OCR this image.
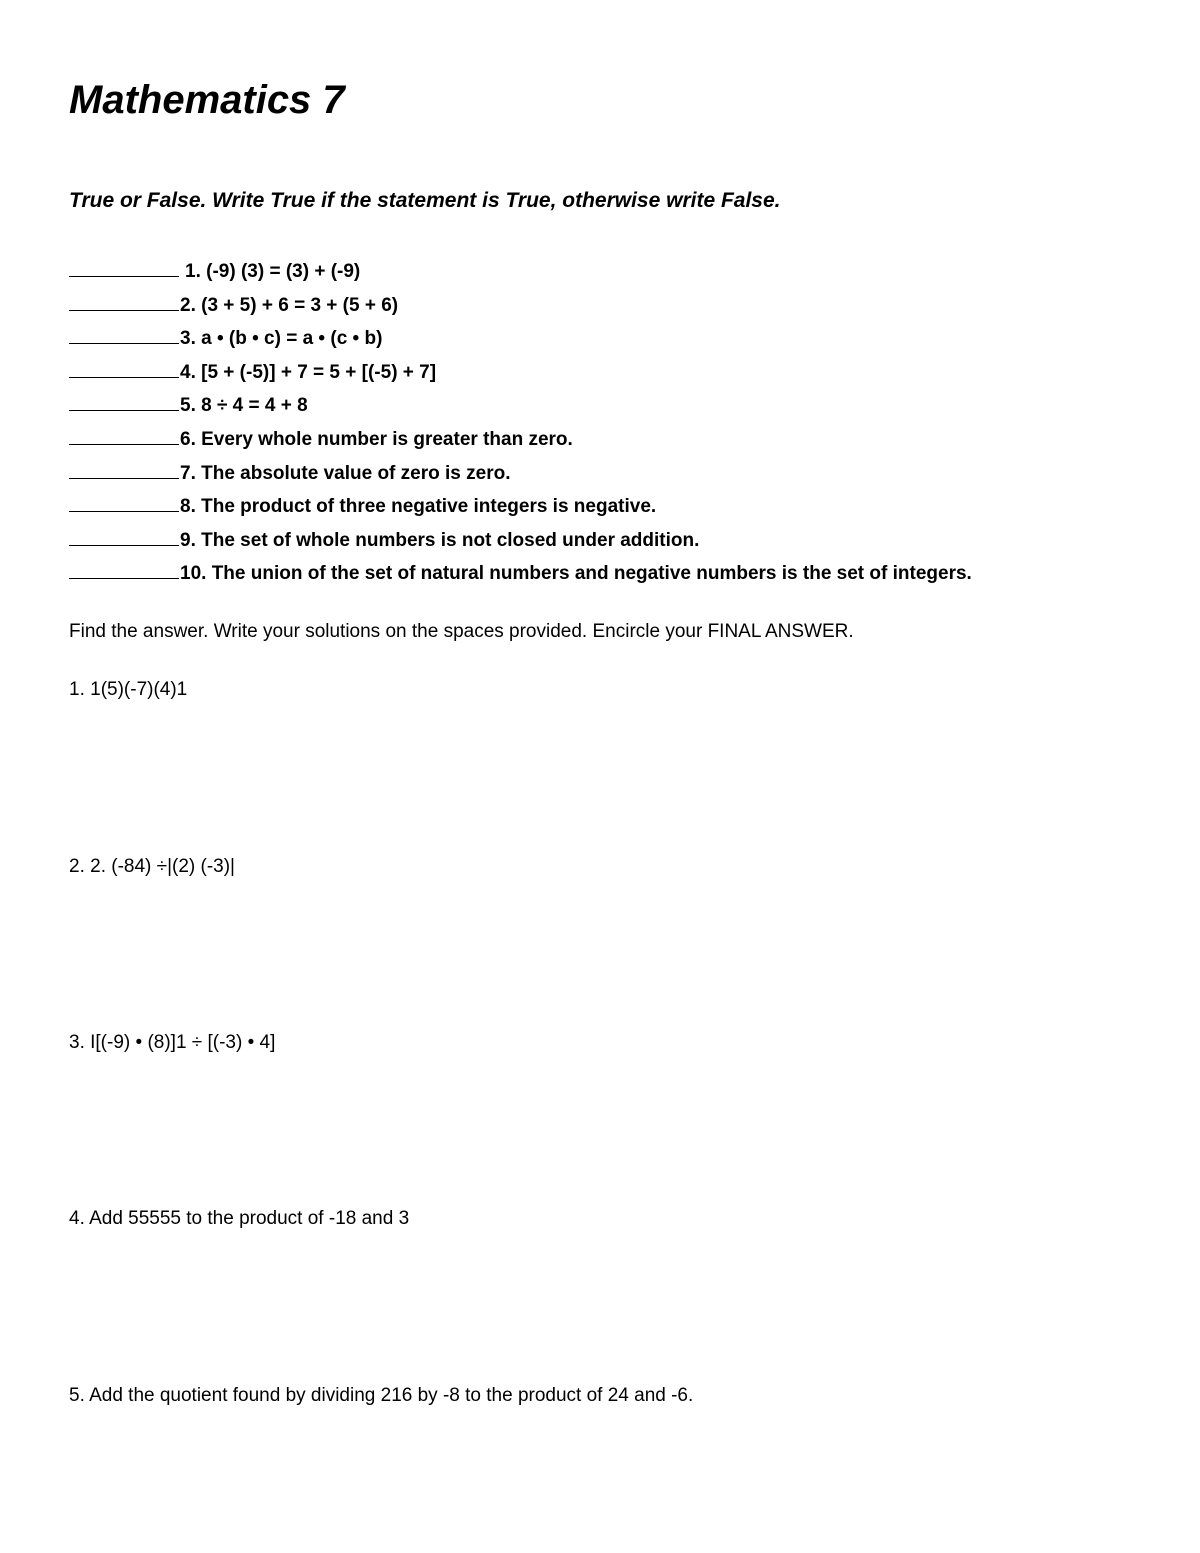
Mathematics 7

True or False. Write True if the statement is True, otherwise write False.

1. (-9) (3) = (3) + (-9)
2. (3 + 5) + 6 = 3 + (5 + 6)
3. a • (b • c) = a • (c • b)
4. [5 + (-5)] + 7 = 5 + [(-5) + 7]
5. 8 ÷ 4 = 4 + 8
6. Every whole number is greater than zero.
7. The absolute value of zero is zero.
8. The product of three negative integers is negative.
9. The set of whole numbers is not closed under addition.
10. The union of the set of natural numbers and negative numbers is the set of integers.

Find the answer. Write your solutions on the spaces provided. Encircle your FINAL ANSWER.

1. 1(5)(-7)(4)1

2. 2. (-84) ÷|(2) (-3)|

3. I[(-9) • (8)]1 ÷ [(-3) • 4]

4. Add 55555 to the product of -18 and 3

5. Add the quotient found by dividing 216 by -8 to the product of 24 and -6.
